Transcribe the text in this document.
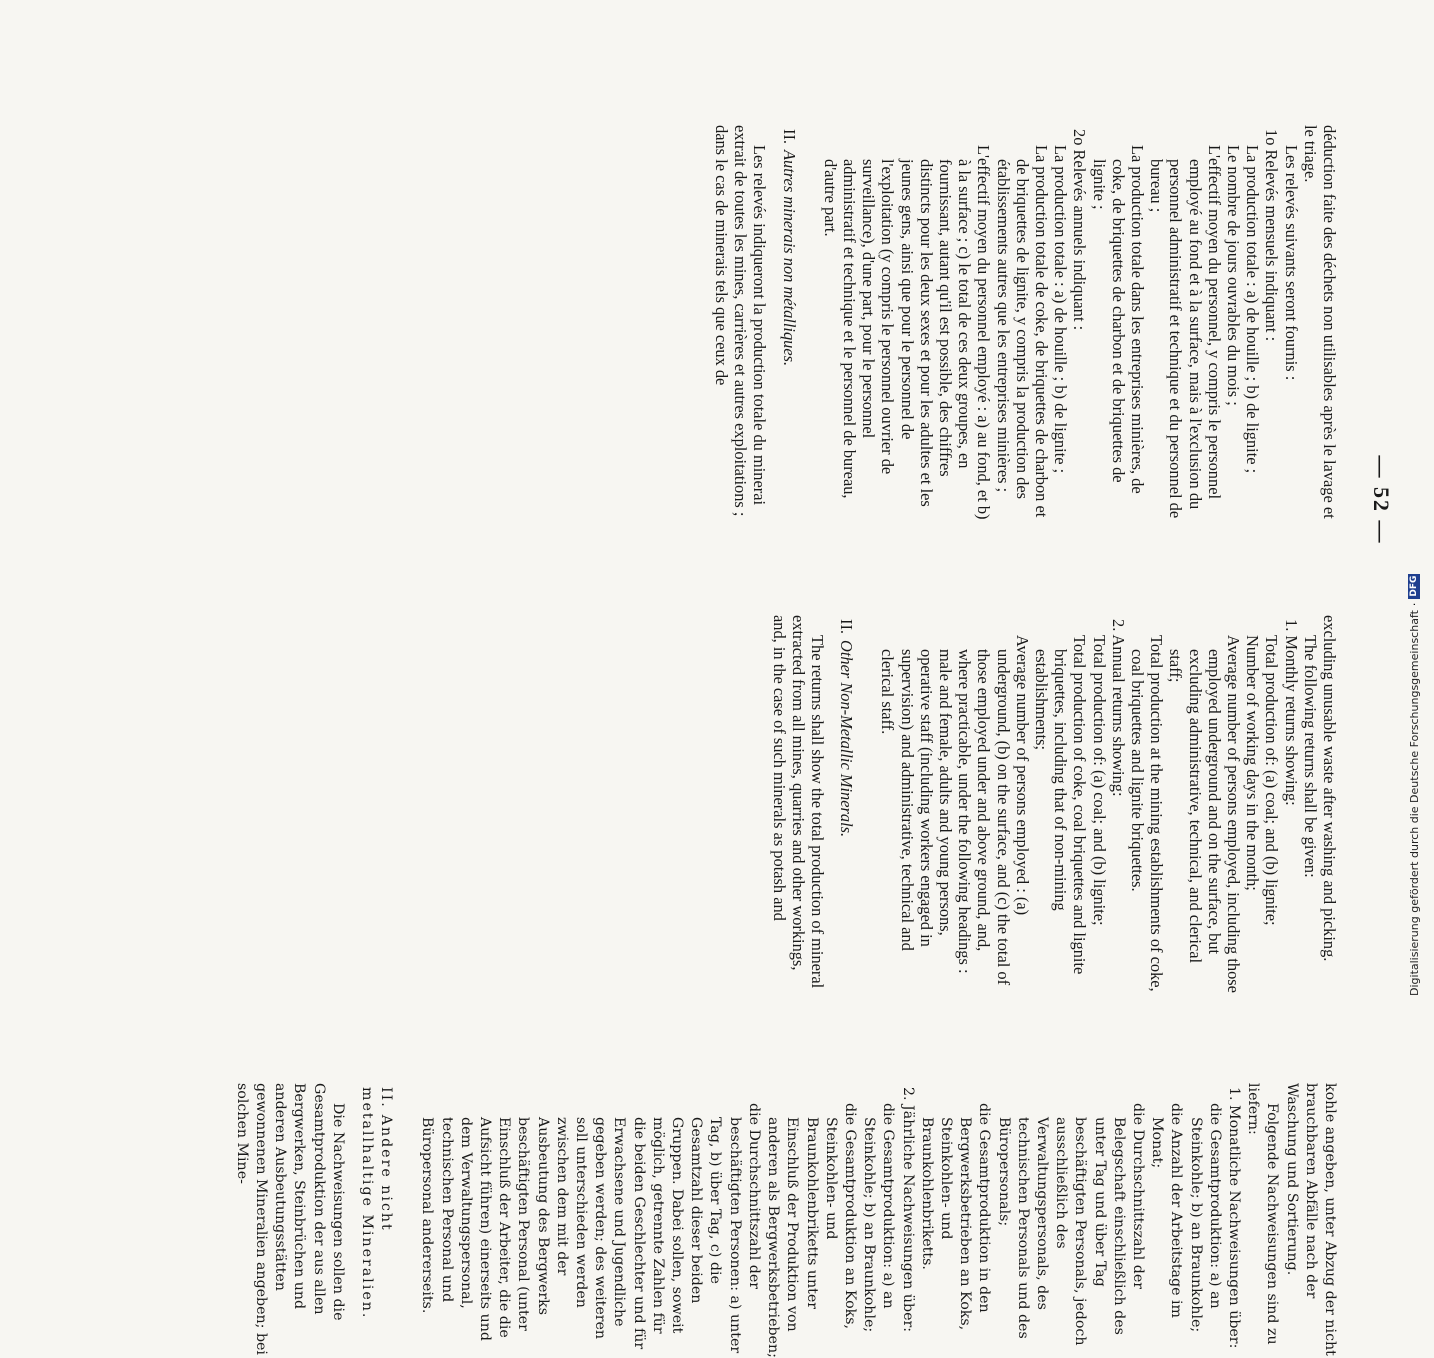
— 52 —

déduction faite des déchets non utilisables après le lavage et le triage.

Les relevés suivants seront fournis :

1o Relevés mensuels indiquant :

La production totale : a) de houille ; b) de lignite ;

Le nombre de jours ouvrables du mois ;

L'effectif moyen du personnel, y compris le personnel employé au fond et à la surface, mais à l'exclusion du personnel administratif et technique et du personnel de bureau ;

La production totale dans les entreprises minières, de coke, de briquettes de charbon et de briquettes de lignite ;

2o Relevés annuels indiquant :

La production totale : a) de houille ; b) de lignite ;

La production totale de coke, de briquettes de charbon et de briquettes de lignite, y compris la production des établissements autres que les entreprises minières ;

L'effectif moyen du personnel employé : a) au fond, et b) à la surface ; c) le total de ces deux groupes, en fournissant, autant qu'il est possible, des chiffres distincts pour les deux sexes et pour les adultes et les jeunes gens, ainsi que pour le personnel de l'exploitation (y compris le personnel ouvrier de surveillance), d'une part, pour le personnel administratif et technique et le personnel de bureau, d'autre part.

II.Autres minerais non métalliques.

Les relevés indiqueront la production totale du minerai extrait de toutes les mines, carrières et autres exploitations ; dans le cas de minerais tels que ceux de

excluding unusable waste after washing and picking.

The following returns shall be given:

1. Monthly returns showing:

Total production of: (a) coal; and (b) lignite;

Number of working days in the month;

Average number of persons employed, including those employed underground and on the surface, but excluding administrative, technical, and clerical staff;

Total production at the mining establishments of coke, coal briquettes and lignite briquettes.

2. Annual returns showing:

Total production of: (a) coal; and (b) lignite;

Total production of coke, coal briquettes and lignite briquettes, including that of non-mining establishments;

Average number of persons employed : (a) underground, (b) on the surface, and (c) the total of those employed under and above ground, and, where practicable, under the following headings : male and female, adults and young persons, operative staff (including workers engaged in supervision) and administrative, technical and clerical staff.

II.Other Non-Metallic Minerals.

The returns shall show the total production of mineral extracted from all mines, quarries and other workings, and, in the case of such minerals as potash and

kohle angeben, unter Abzug der nicht brauchbaren Abfälle nach der Waschung und Sortierung.

Folgende Nachweisungen sind zu liefern:

1. Monatliche Nachweisungen über:

die Gesamtproduktion: a) an Steinkohle; b) an Braunkohle;

die Anzahl der Arbeitstage im Monat;

die Durchschnittszahl der Belegschaft einschließlich des unter Tag und über Tag beschäftigten Personals, jedoch ausschließlich des Verwaltungspersonals, des technischen Personals und des Büropersonals;

die Gesamtproduktion in den Bergwerksbetrieben an Koks, Steinkohlen- und Braunkohlenbriketts.

2. Jährliche Nachweisungen über:

die Gesamtproduktion: a) an Steinkohle; b) an Braunkohle;

die Gesamtproduktion an Koks, Steinkohlen- und Braunkohlenbriketts unter Einschluß der Produktion von anderen als Bergwerksbetrieben;

die Durchschnittszahl der beschäftigten Personen: a) unter Tag, b) über Tag, c) die Gesamtzahl dieser beiden Gruppen. Dabei sollen, soweit möglich, getrennte Zahlen für die beiden Geschlechter und für Erwachsene und Jugendliche gegeben werden; des weiteren soll unterschieden werden zwischen dem mit der Ausbeutung des Bergwerks beschäftigten Personal (unter Einschluß der Arbeiter, die die Aufsicht führen) einerseits und dem Verwaltungspersonal, technischen Personal und Büropersonal andererseits.

II.Andere nicht metallhaltige Mineralien.

Die Nachweisungen sollen die Gesamtproduktion der aus allen Bergwerken, Steinbrüchen und anderen Ausbeutungsstätten gewonnenen Mineralien angeben; bei solchen Mine-

Digitalisierung gefördert durch die Deutsche Forschungsgemeinschaft
·
DFG
